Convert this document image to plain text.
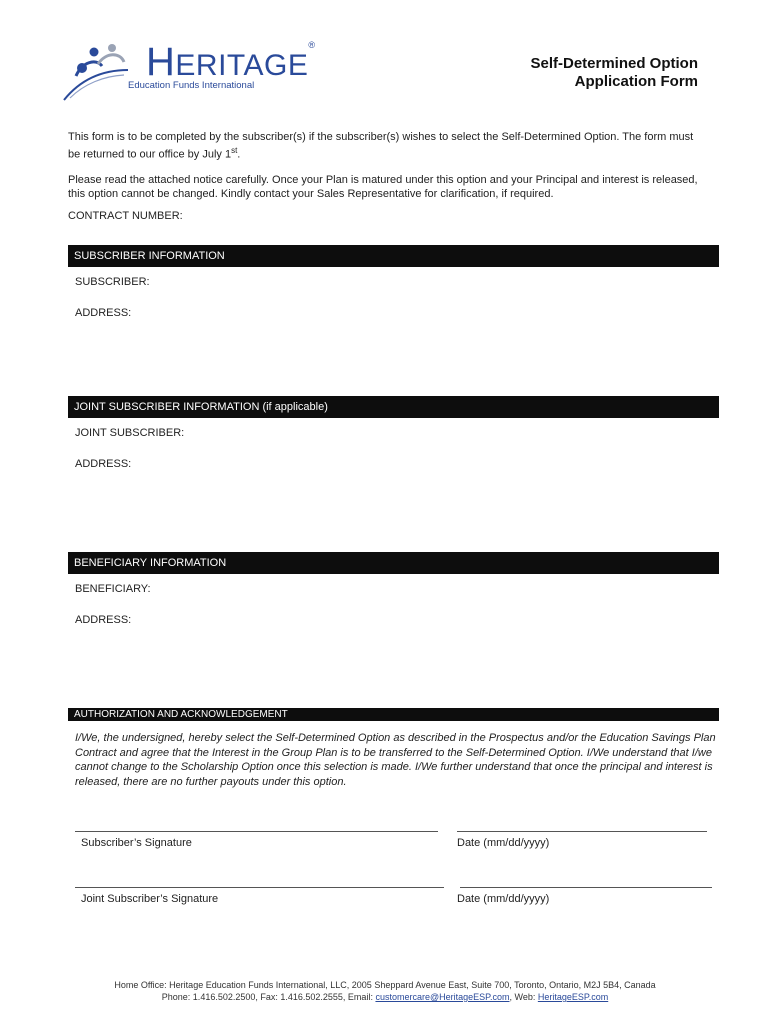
HERITAGE®
Education Funds International
Self-Determined Option
Application Form
This form is to be completed by the subscriber(s) if the subscriber(s) wishes to select the Self-Determined Option. The form must be returned to our office by July 1st.
Please read the attached notice carefully. Once your Plan is matured under this option and your Principal and interest is released, this option cannot be changed. Kindly contact your Sales Representative for clarification, if required.
CONTRACT NUMBER:
SUBSCRIBER INFORMATION
SUBSCRIBER:
ADDRESS:
JOINT SUBSCRIBER INFORMATION (if applicable)
JOINT SUBSCRIBER:
ADDRESS:
BENEFICIARY INFORMATION
BENEFICIARY:
ADDRESS:
AUTHORIZATION AND ACKNOWLEDGEMENT
I/We, the undersigned, hereby select the Self-Determined Option as described in the Prospectus and/or the Education Savings Plan Contract and agree that the Interest in the Group Plan is to be transferred to the Self-Determined Option. I/We understand that I/we cannot change to the Scholarship Option once this selection is made. I/We further understand that once the principal and interest is released, there are no further payouts under this option.
Subscriber’s Signature	Date (mm/dd/yyyy)
Joint Subscriber’s Signature	Date (mm/dd/yyyy)
Home Office: Heritage Education Funds International, LLC, 2005 Sheppard Avenue East, Suite 700, Toronto, Ontario, M2J 5B4, Canada
Phone: 1.416.502.2500, Fax: 1.416.502.2555, Email: customercare@HeritageESP.com, Web: HeritageESP.com
